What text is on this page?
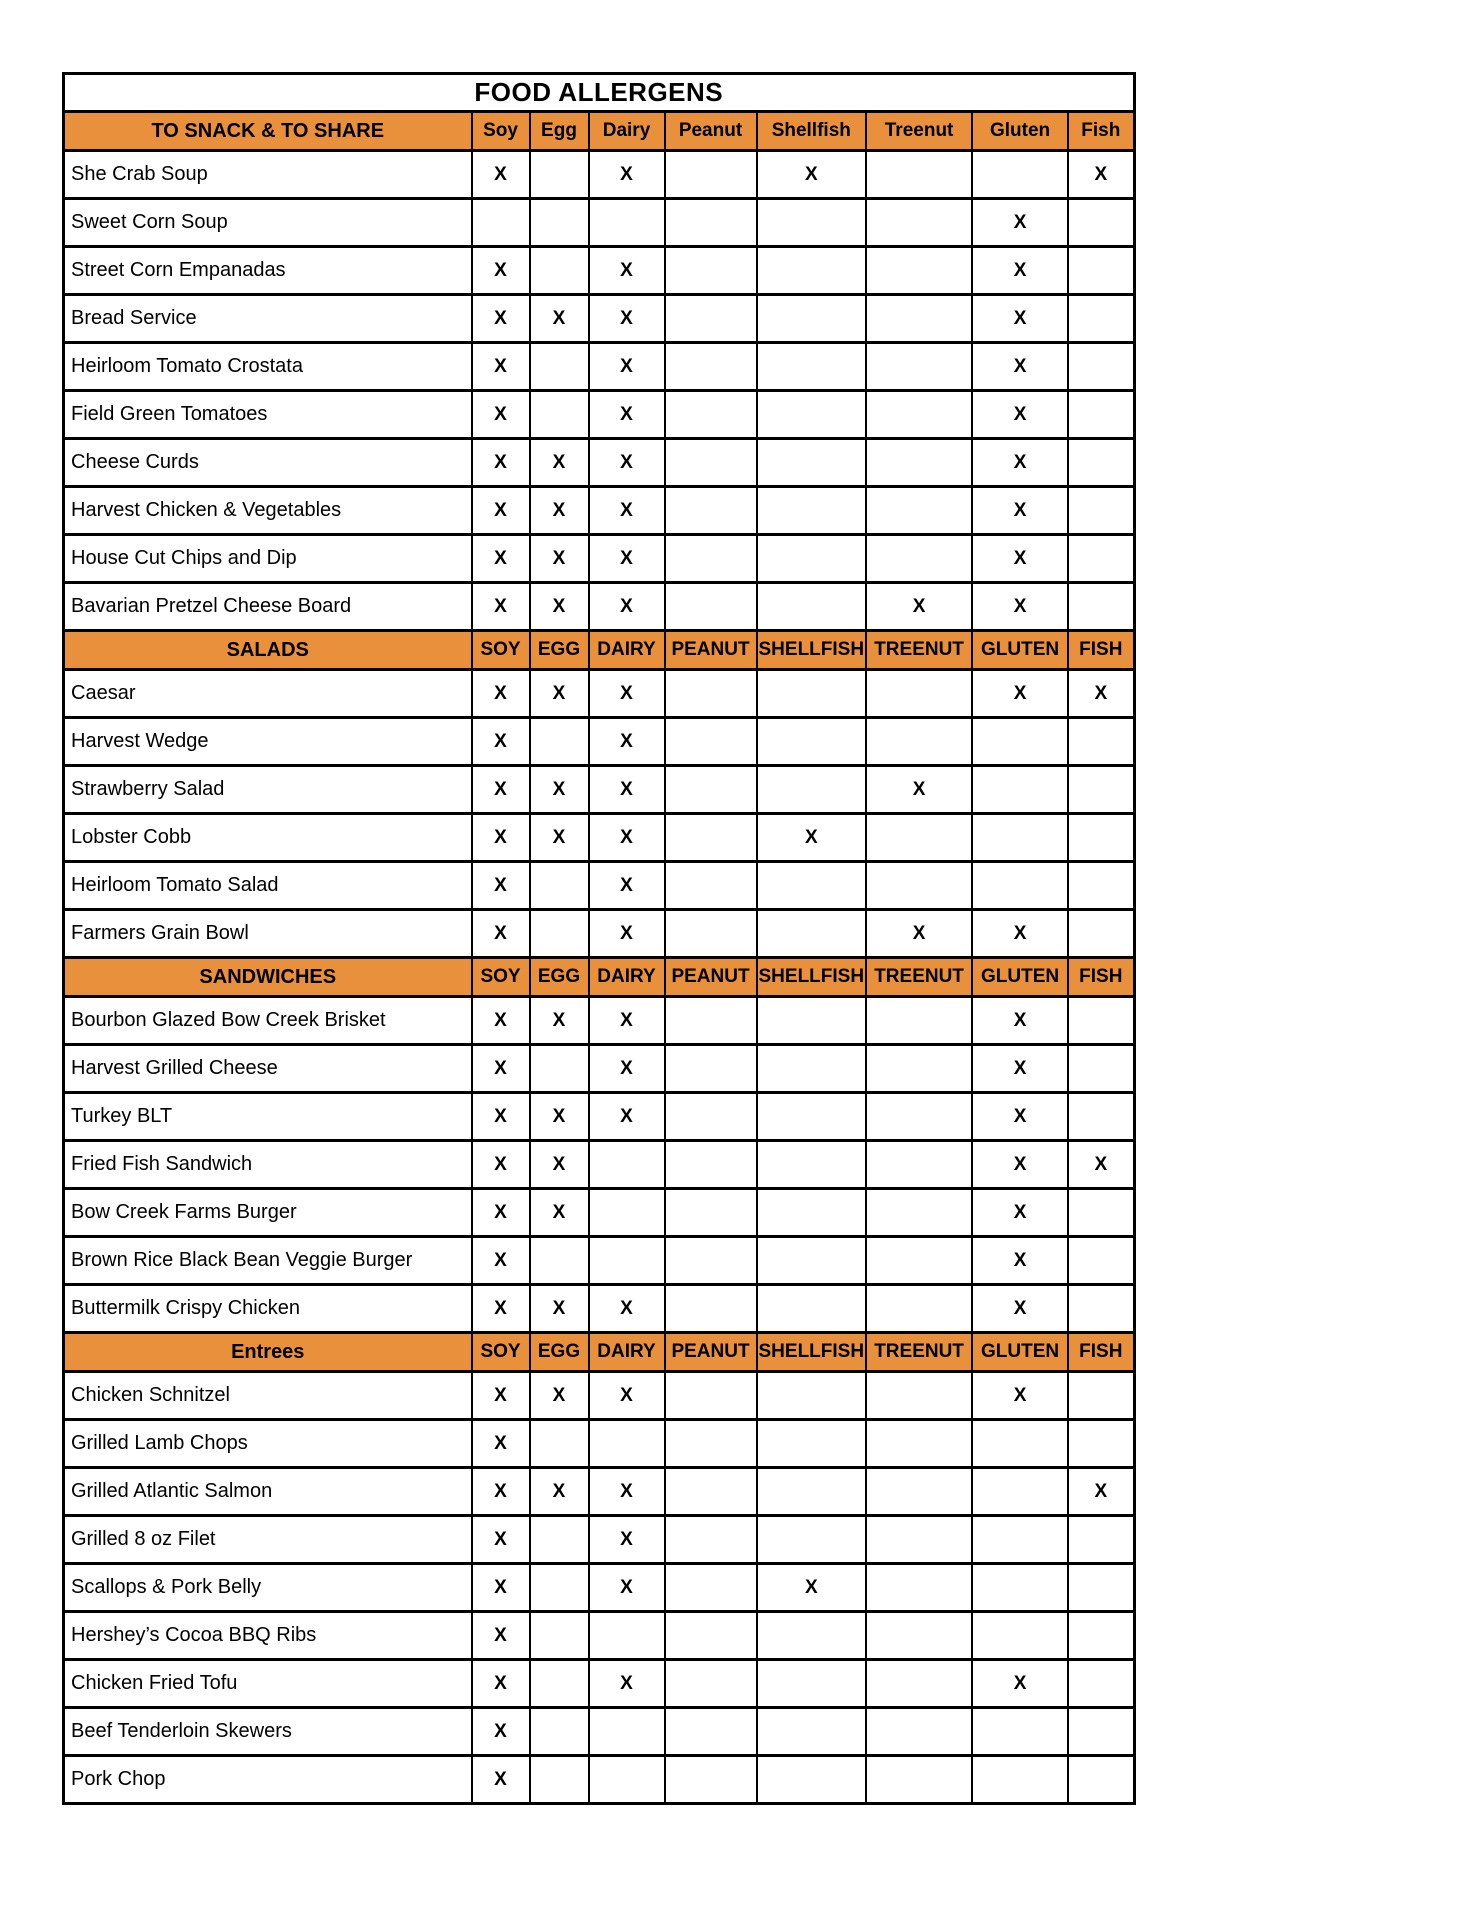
FOOD ALLERGENS								
TO SNACK & TO SHARE	Soy	Egg	Dairy	Peanut	Shellfish	Treenut	Gluten	Fish
She Crab Soup	X		X		X			X
Sweet Corn Soup							X	
Street Corn Empanadas	X		X				X	
Bread Service	X	X	X				X	
Heirloom Tomato Crostata	X		X				X	
Field Green Tomatoes	X		X				X	
Cheese Curds	X	X	X				X	
Harvest Chicken & Vegetables	X	X	X				X	
House Cut Chips and Dip	X	X	X				X	
Bavarian Pretzel Cheese Board	X	X	X			X	X	
SALADS	SOY	EGG	DAIRY	PEANUT	SHELLFISH	TREENUT	GLUTEN	FISH
Caesar	X	X	X				X	X
Harvest Wedge	X		X					
Strawberry Salad	X	X	X			X		
Lobster Cobb	X	X	X		X			
Heirloom Tomato Salad	X		X					
Farmers Grain Bowl	X		X			X	X	
SANDWICHES	SOY	EGG	DAIRY	PEANUT	SHELLFISH	TREENUT	GLUTEN	FISH
Bourbon Glazed Bow Creek Brisket	X	X	X				X	
Harvest Grilled Cheese	X		X				X	
Turkey BLT	X	X	X				X	
Fried Fish Sandwich	X	X					X	X
Bow Creek Farms Burger	X	X					X	
Brown Rice Black Bean Veggie Burger	X						X	
Buttermilk Crispy Chicken	X	X	X				X	
Entrees	SOY	EGG	DAIRY	PEANUT	SHELLFISH	TREENUT	GLUTEN	FISH
Chicken Schnitzel	X	X	X				X	
Grilled Lamb Chops	X							
Grilled Atlantic Salmon	X	X	X					X
Grilled 8 oz Filet	X		X					
Scallops & Pork Belly	X		X		X			
Hershey’s Cocoa BBQ Ribs	X							
Chicken Fried Tofu	X		X				X	
Beef Tenderloin Skewers	X							
Pork Chop	X							
